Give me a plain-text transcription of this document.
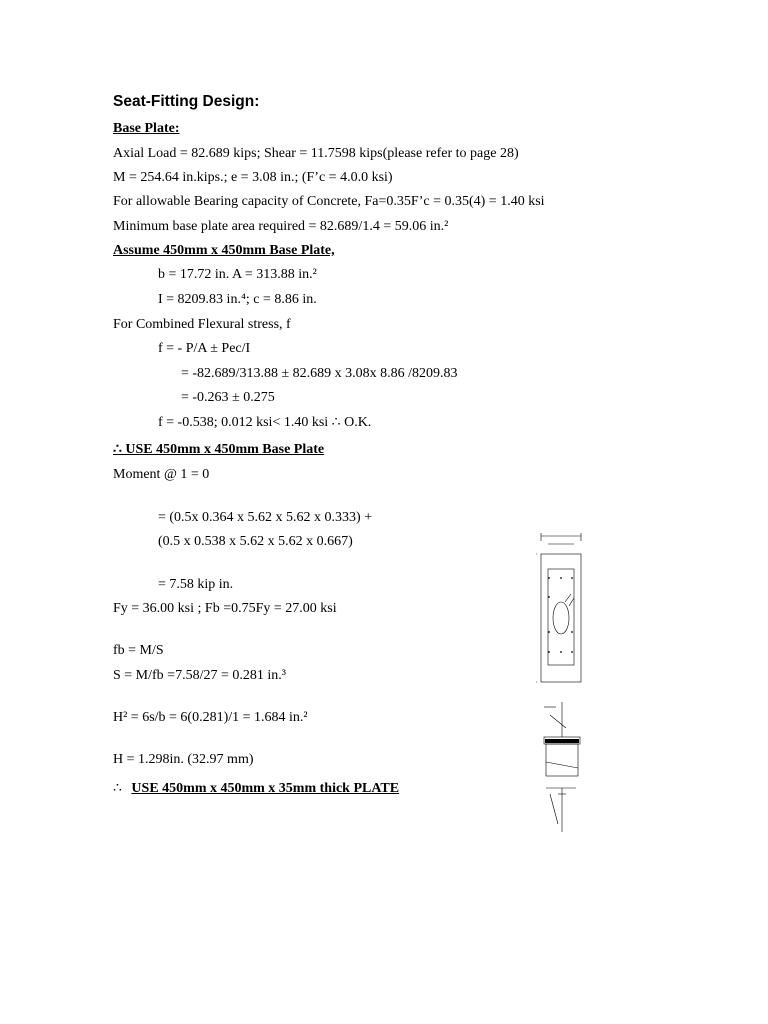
Seat-Fitting Design:
Base Plate:
Axial Load = 82.689 kips; Shear = 11.7598 kips(please refer to page 28)
M = 254.64 in.kips.; e = 3.08 in.; (F’c = 4.0.0 ksi)
For allowable Bearing capacity of Concrete, Fa=0.35F’c = 0.35(4) = 1.40 ksi
Minimum base plate area required = 82.689/1.4 = 59.06 in.²
Assume 450mm x 450mm Base Plate,
b = 17.72 in. A = 313.88 in.²
I = 8209.83 in.⁴; c = 8.86 in.
For Combined Flexural stress, f
f = - P/A ± Pec/I
= -82.689/313.88 ± 82.689 x 3.08x 8.86 /8209.83
= -0.263 ± 0.275
f = -0.538; 0.012 ksi< 1.40 ksi ∴ O.K.
∴ USE 450mm x 450mm Base Plate
Moment @ 1 = 0
= (0.5x 0.364 x 5.62 x 5.62 x 0.333) +
(0.5 x 0.538 x 5.62 x 5.62 x 0.667)
= 7.58 kip in.
Fy = 36.00 ksi ; Fb =0.75Fy = 27.00 ksi
fb = M/S
S = M/fb =7.58/27 = 0.281 in.³
H² = 6s/b = 6(0.281)/1 = 1.684 in.²
H = 1.298in. (32.97 mm)
∴ USE 450mm x 450mm x 35mm thick PLATE
